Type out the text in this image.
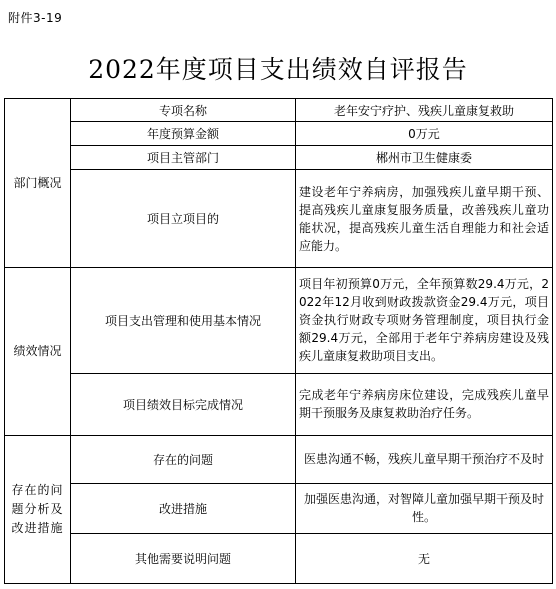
附件3-19
2022年度项目支出绩效自评报告
部门概况	专项名称	老年安宁疗护、残疾儿童康复救助
	年度预算金额	0万元
	项目主管部门	郴州市卫生健康委
	项目立项目的	建设老年宁养病房，加强残疾儿童早期干预、提高残疾儿童康复服务质量，改善残疾儿童功能状况，提高残疾儿童生活自理能力和社会适应能力。
绩效情况	项目支出管理和使用基本情况	项目年初预算0万元，全年预算数29.4万元，2022年12月收到财政拨款资金29.4万元，项目资金执行财政专项财务管理制度，项目执行金额29.4万元，全部用于老年宁养病房建设及残疾儿童康复救助项目支出。
	项目绩效目标完成情况	完成老年宁养病房床位建设，完成残疾儿童早期干预服务及康复救助治疗任务。
存在的问题分析及改进措施	存在的问题	医患沟通不畅，残疾儿童早期干预治疗不及时
	改进措施	加强医患沟通，对智障儿童加强早期干预及时性。
	其他需要说明问题	无
